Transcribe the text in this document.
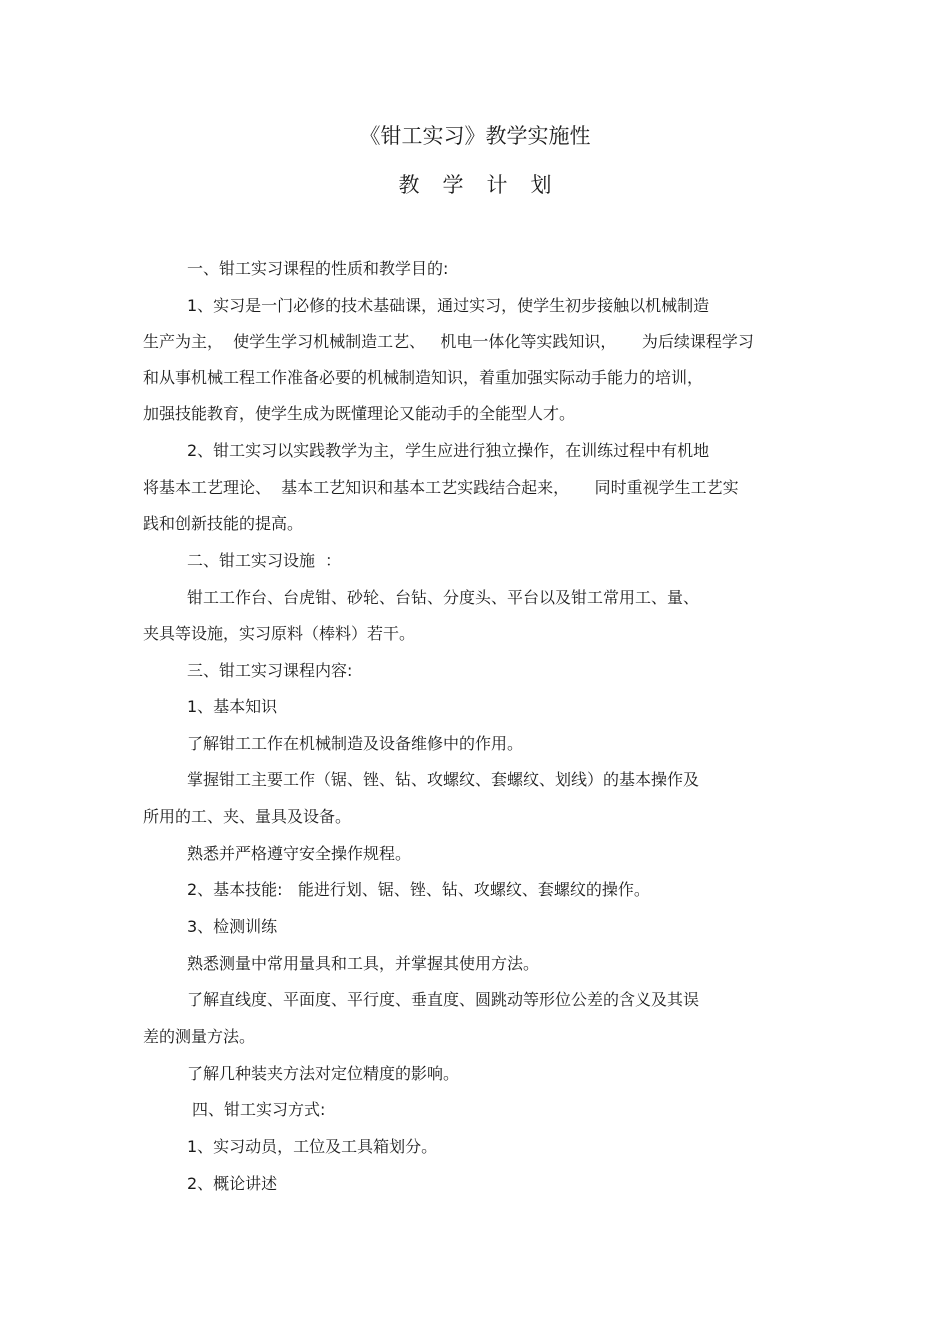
《钳工实习》教学实施性
教学计划
一、钳工实习课程的性质和教学目的:
1、实习是一门必修的技术基础课，通过实习，使学生初步接触以机械制造
生产为主，  使学生学习机械制造工艺、   机电一体化等实践知识，     为后续课程学习
和从事机械工程工作准备必要的机械制造知识，着重加强实际动手能力的培训，
加强技能教育，使学生成为既懂理论又能动手的全能型人才。
2、钳工实习以实践教学为主，学生应进行独立操作，在训练过程中有机地
将基本工艺理论、  基本工艺知识和基本工艺实践结合起来，     同时重视学生工艺实
践和创新技能的提高。
二、钳工实习设施  ：
钳工工作台、台虎钳、砂轮、台钻、分度头、平台以及钳工常用工、量、
夹具等设施，实习原料（棒料）若干。
三、钳工实习课程内容:
1、基本知识
了解钳工工作在机械制造及设备维修中的作用。
掌握钳工主要工作（锯、锉、钻、攻螺纹、套螺纹、划线）的基本操作及
所用的工、夹、量具及设备。
熟悉并严格遵守安全操作规程。
2、基本技能:   能进行划、锯、锉、钻、攻螺纹、套螺纹的操作。
3、检测训练
熟悉测量中常用量具和工具，并掌握其使用方法。
了解直线度、平面度、平行度、垂直度、圆跳动等形位公差的含义及其误
差的测量方法。
了解几种装夹方法对定位精度的影响。
四、钳工实习方式:
1、实习动员，工位及工具箱划分。
2、概论讲述
